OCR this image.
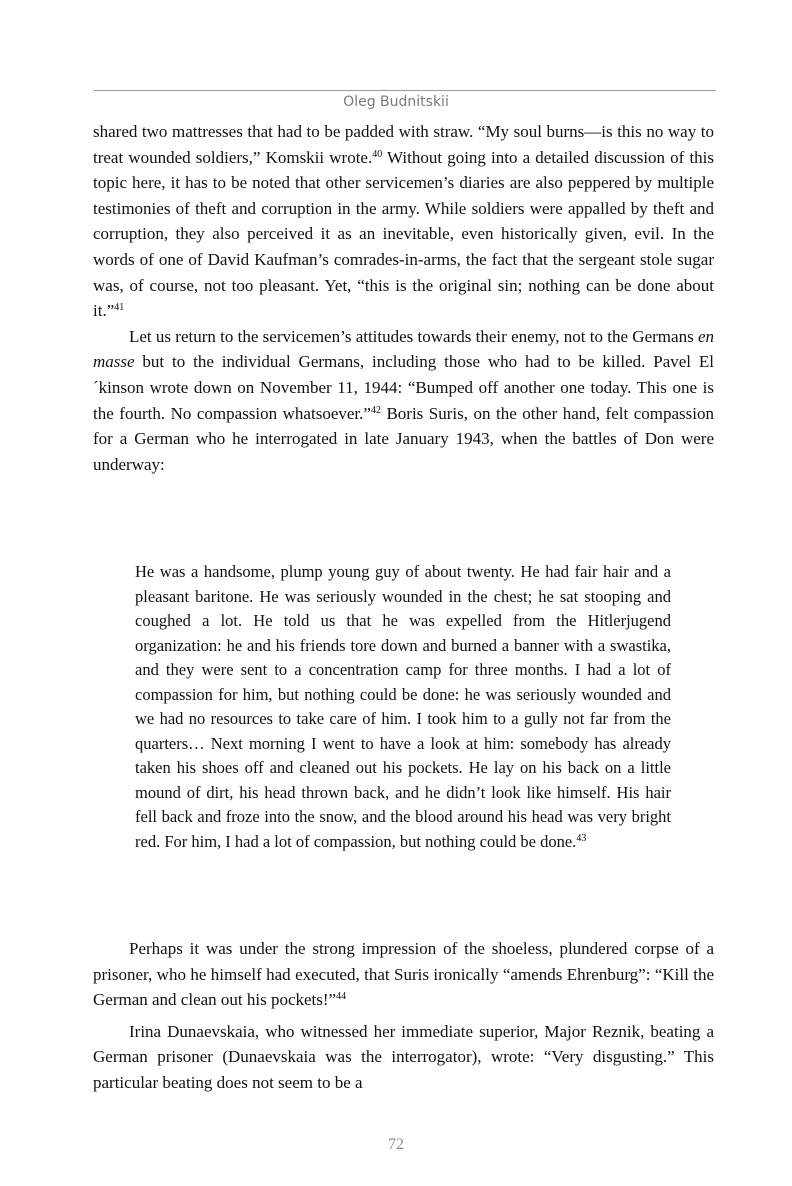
Oleg Budnitskii

shared two mattresses that had to be padded with straw. “My soul burns—is this no way to treat wounded soldiers,” Komskii wrote.$^{40}$ Without going into a detailed discussion of this topic here, it has to be noted that other servicemen’s diaries are also peppered by multiple testimonies of theft and corruption in the army. While soldiers were appalled by theft and corruption, they also perceived it as an inevitable, even historically given, evil. In the words of one of David Kaufman’s comrades-in-arms, the fact that the sergeant stole sugar was, of course, not too pleasant. Yet, “this is the original sin; nothing can be done about it.”$^{41}$

Let us return to the servicemen’s attitudes towards their enemy, not to the Germans en masse but to the individual Germans, including those who had to be killed. Pavel El´kinson wrote down on November 11, 1944: “Bumped off another one today. This one is the fourth. No compassion whatsoever.”$^{42}$ Boris Suris, on the other hand, felt compassion for a German who he interrogated in late January 1943, when the battles of Don were underway:

He was a handsome, plump young guy of about twenty. He had fair hair and a pleasant baritone. He was seriously wounded in the chest; he sat stooping and coughed a lot. He told us that he was expelled from the Hitlerjugend organization: he and his friends tore down and burned a banner with a swastika, and they were sent to a concentration camp for three months. I had a lot of compassion for him, but nothing could be done: he was seriously wounded and we had no resources to take care of him. I took him to a gully not far from the quarters… Next morning I went to have a look at him: somebody has already taken his shoes off and cleaned out his pockets. He lay on his back on a little mound of dirt, his head thrown back, and he didn’t look like himself. His hair fell back and froze into the snow, and the blood around his head was very bright red. For him, I had a lot of compassion, but nothing could be done.$^{43}$

Perhaps it was under the strong impression of the shoeless, plundered corpse of a prisoner, who he himself had executed, that Suris ironically “amends Ehrenburg”: “Kill the German and clean out his pockets!”$^{44}$

Irina Dunaevskaia, who witnessed her immediate superior, Major Reznik, beating a German prisoner (Dunaevskaia was the interrogator), wrote: “Very disgusting.” This particular beating does not seem to be a

72
